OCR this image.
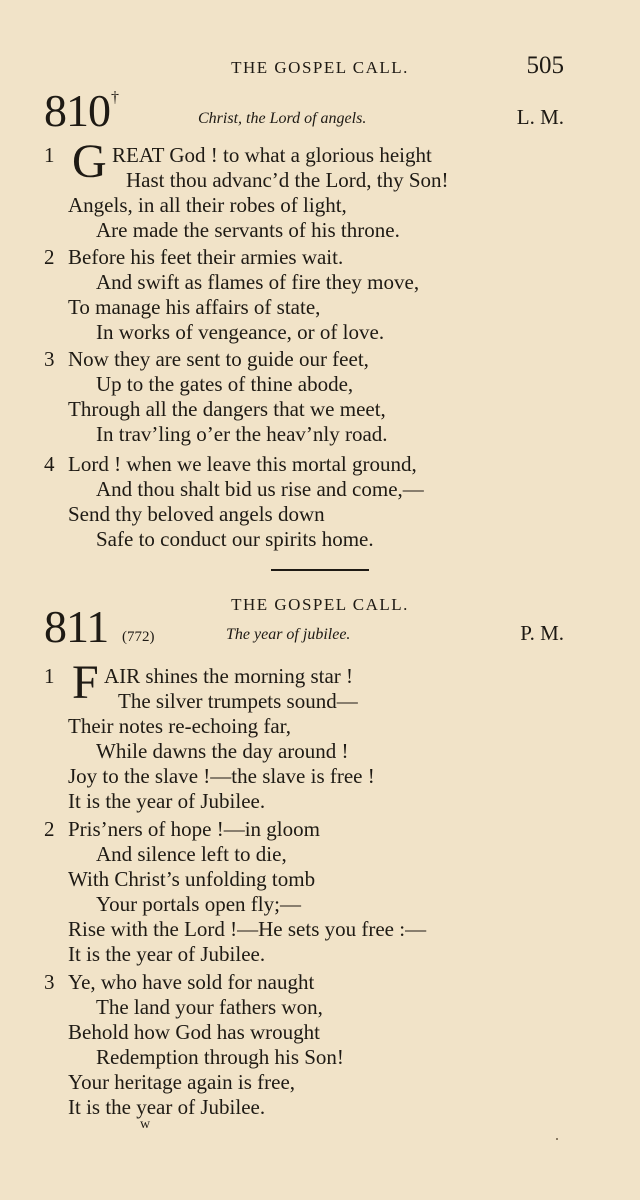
THE GOSPEL CALL.	505
810†
Christ, the Lord of angels.	L. M.
1 G REAT God ! to what a glorious height
Hast thou advanc’d the Lord, thy Son!
Angels, in all their robes of light,
Are made the servants of his throne.
2 Before his feet their armies wait.
And swift as flames of fire they move,
To manage his affairs of state,
In works of vengeance, or of love.
3 Now they are sent to guide our feet,
Up to the gates of thine abode,
Through all the dangers that we meet,
In trav’ling o’er the heav’nly road.
4 Lord ! when we leave this mortal ground,
And thou shalt bid us rise and come,—
Send thy beloved angels down
Safe to conduct our spirits home.
THE GOSPEL CALL.
811 (772)	The year of jubilee.	P. M.
1 F AIR shines the morning star !
The silver trumpets sound—
Their notes re-echoing far,
While dawns the day around !
Joy to the slave !—the slave is free !
It is the year of Jubilee.
2 Pris’ners of hope !—in gloom
And silence left to die,
With Christ’s unfolding tomb
Your portals open fly;—
Rise with the Lord !—He sets you free :—
It is the year of Jubilee.
3 Ye, who have sold for naught
The land your fathers won,
Behold how God has wrought
Redemption through his Son!
Your heritage again is free,
It is the year of Jubilee.
w
